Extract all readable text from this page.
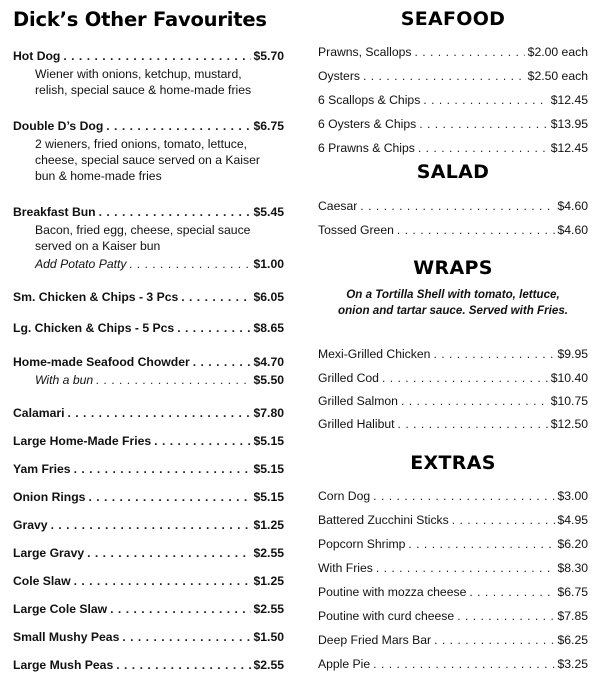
Dick’s Other Favourites
Hot Dog . . .	$5.70
Wiener with onions, ketchup, mustard,
relish, special sauce & home-made fries
Double D’s Dog . . .	$6.75
2 wieners, fried onions, tomato, lettuce,
cheese, special sauce served on a Kaiser
bun & home-made fries
Breakfast Bun . . .	$5.45
Bacon, fried egg, cheese, special sauce
served on a Kaiser bun
Add Potato Patty . . .	$1.00
Sm. Chicken & Chips - 3 Pcs . . .	$6.05
Lg. Chicken & Chips - 5 Pcs . . .	$8.65
Home-made Seafood Chowder . . .	$4.70
With a bun . . .	$5.50
Calamari . . .	$7.80
Large Home-Made Fries . . .	$5.15
Yam Fries . . .	$5.15
Onion Rings . . .	$5.15
Gravy . . .	$1.25
Large Gravy . . .	$2.55
Cole Slaw . . .	$1.25
Large Cole Slaw . . .	$2.55
Small Mushy Peas . . .	$1.50
Large Mush Peas . . .	$2.55
SEAFOOD
Prawns, Scallops . . .	$2.00 each
Oysters . . .	$2.50 each
6 Scallops & Chips . . .	$12.45
6 Oysters & Chips . . .	$13.95
6 Prawns & Chips . . .	$12.45
SALAD
Caesar . . .	$4.60
Tossed Green . . .	$4.60
WRAPS
On a Tortilla Shell with tomato, lettuce,
onion and tartar sauce. Served with Fries.
Mexi-Grilled Chicken . . .	$9.95
Grilled Cod . . .	$10.40
Grilled Salmon . . .	$10.75
Grilled Halibut . . .	$12.50
EXTRAS
Corn Dog . . .	$3.00
Battered Zucchini Sticks . . .	$4.95
Popcorn Shrimp . . .	$6.20
With Fries . . .	$8.30
Poutine with mozza cheese . . .	$6.75
Poutine with curd cheese . . .	$7.85
Deep Fried Mars Bar . . .	$6.25
Apple Pie . . .	$3.25
